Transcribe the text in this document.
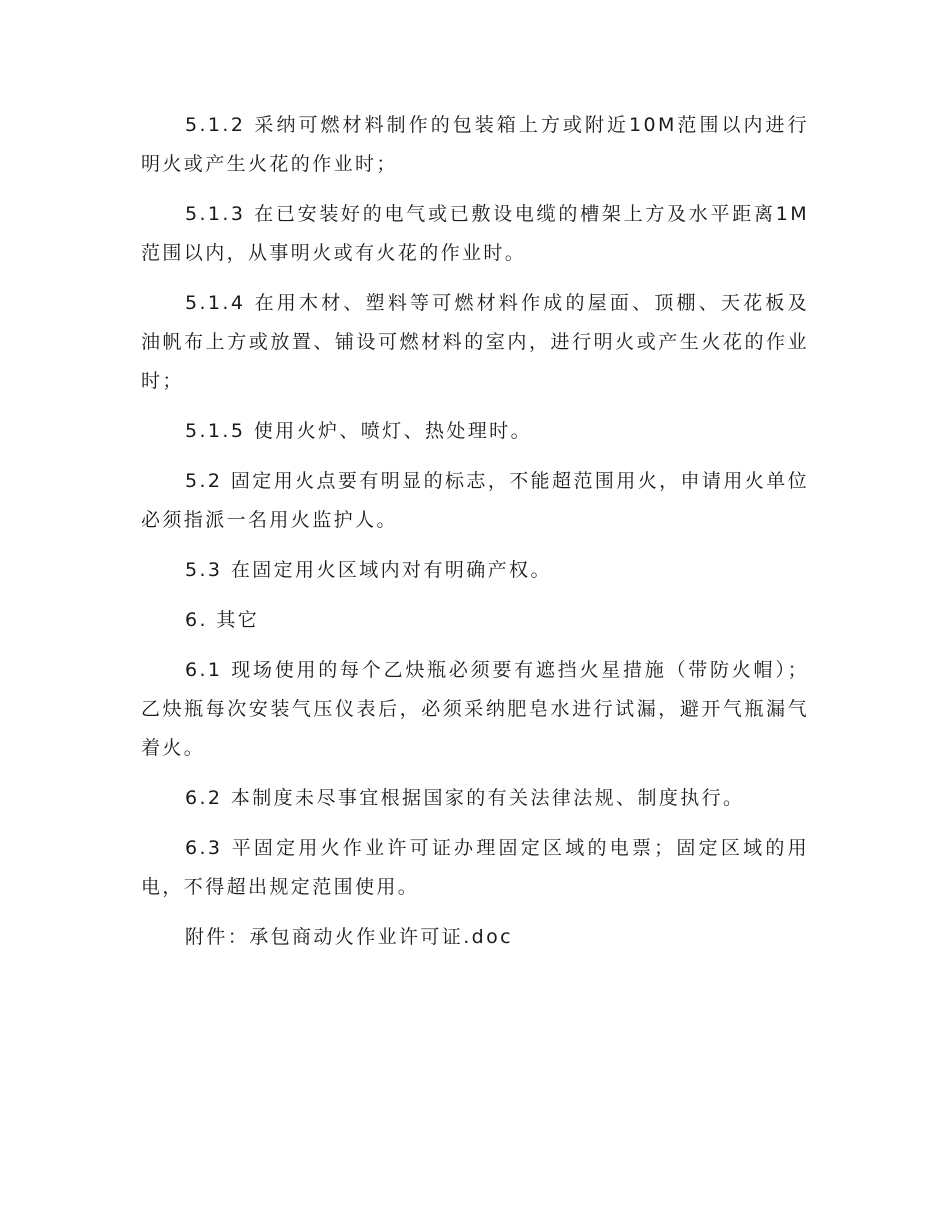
5.1.2 采纳可燃材料制作的包装箱上方或附近10M范围以内进行明火或产生火花的作业时；

5.1.3 在已安装好的电气或已敷设电缆的槽架上方及水平距离1M范围以内，从事明火或有火花的作业时。

5.1.4 在用木材、塑料等可燃材料作成的屋面、顶棚、天花板及油帆布上方或放置、铺设可燃材料的室内，进行明火或产生火花的作业时；

5.1.5 使用火炉、喷灯、热处理时。

5.2 固定用火点要有明显的标志，不能超范围用火，申请用火单位必须指派一名用火监护人。

5.3 在固定用火区域内对有明确产权。

6. 其它

6.1 现场使用的每个乙炔瓶必须要有遮挡火星措施（带防火帽）；乙炔瓶每次安装气压仪表后，必须采纳肥皂水进行试漏，避开气瓶漏气着火。

6.2 本制度未尽事宜根据国家的有关法律法规、制度执行。

6.3 平固定用火作业许可证办理固定区域的电票；固定区域的用电，不得超出规定范围使用。

附件：承包商动火作业许可证.doc
